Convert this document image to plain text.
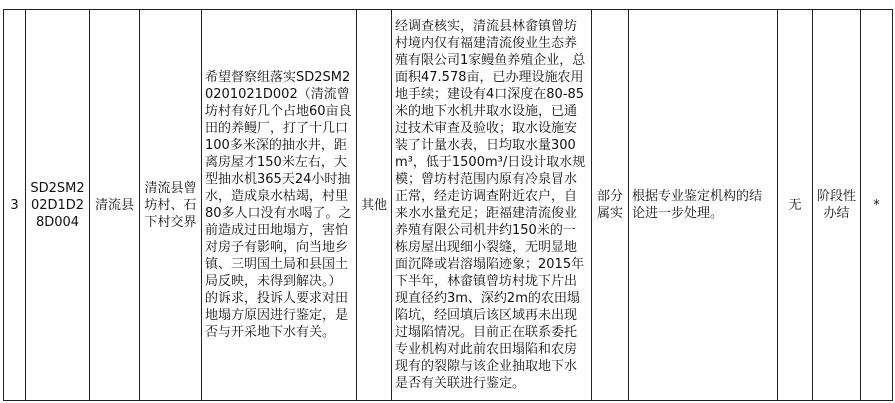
3	SD2SM202D1D28D004	清流县	清流县曾坊村、石下村交界	希望督察组落实SD2SM20201021D002（清流曾坊村有好几个占地60亩良田的养鳗厂，打了十几口100多米深的抽水井，距离房屋才150米左右，大型抽水机365天24小时抽水，造成泉水枯竭，村里80多人口没有水喝了。之前造成过田地塌方，害怕对房子有影响，向当地乡镇、三明国土局和县国土局反映，未得到解决。）的诉求，投诉人要求对田地塌方原因进行鉴定，是否与开采地下水有关。	其他	经调查核实，清流县林畲镇曾坊村境内仅有福建清流俊业生态养殖有限公司1家鳗鱼养殖企业，总面积47.578亩，已办理设施农用地手续；建设有4口深度在80-85米的地下水机井取水设施，已通过技术审查及验收；取水设施安装了计量水表，日均取水量300m³，低于1500m³/日设计取水规模；曾坊村范围内原有冷泉冒水正常，经走访调查附近农户，自来水水量充足；距福建清流俊业养殖有限公司机井约150米的一栋房屋出现细小裂缝，无明显地面沉降或岩溶塌陷迹象；2015年下半年，林畲镇曾坊村垅下片出现直径约3m、深约2m的农田塌陷坑，经回填后该区域再未出现过塌陷情况。目前正在联系委托专业机构对此前农田塌陷和农房现有的裂隙与该企业抽取地下水是否有关联进行鉴定。	部分属实	根据专业鉴定机构的结论进一步处理。	无	阶段性办结	*
